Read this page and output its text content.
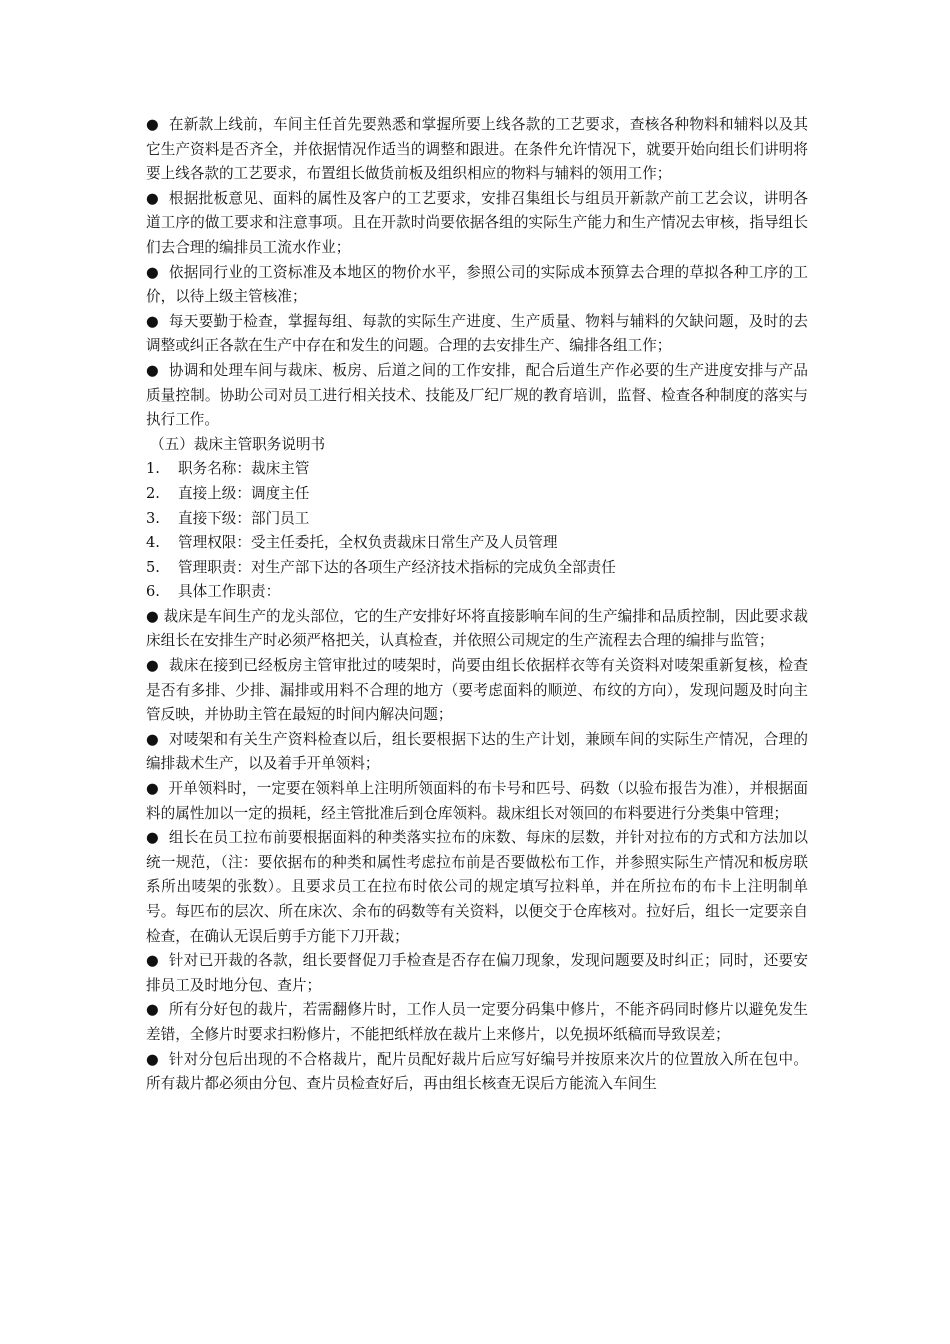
● 在新款上线前，车间主任首先要熟悉和掌握所要上线各款的工艺要求，查核各种物料和辅料以及其它生产资料是否齐全，并依据情况作适当的调整和跟进。在条件允许情况下，就要开始向组长们讲明将要上线各款的工艺要求，布置组长做货前板及组织相应的物料与辅料的领用工作；

● 根据批板意见、面料的属性及客户的工艺要求，安排召集组长与组员开新款产前工艺会议，讲明各道工序的做工要求和注意事项。且在开款时尚要依据各组的实际生产能力和生产情况去审核，指导组长们去合理的编排员工流水作业；

● 依据同行业的工资标准及本地区的物价水平，参照公司的实际成本预算去合理的草拟各种工序的工价，以待上级主管核准；

● 每天要勤于检查，掌握每组、每款的实际生产进度、生产质量、物料与辅料的欠缺问题，及时的去调整或纠正各款在生产中存在和发生的问题。合理的去安排生产、编排各组工作；

● 协调和处理车间与裁床、板房、后道之间的工作安排，配合后道生产作必要的生产进度安排与产品质量控制。协助公司对员工进行相关技术、技能及厂纪厂规的教育培训，监督、检查各种制度的落实与执行工作。

（五）裁床主管职务说明书

1.	职务名称：裁床主管
2.	直接上级：调度主任
3.	直接下级：部门员工
4.	管理权限：受主任委托，全权负责裁床日常生产及人员管理
5.	管理职责：对生产部下达的各项生产经济技术指标的完成负全部责任
6.	具体工作职责：

● 裁床是车间生产的龙头部位，它的生产安排好坏将直接影响车间的生产编排和品质控制，因此要求裁床组长在安排生产时必须严格把关，认真检查，并依照公司规定的生产流程去合理的编排与监管；

● 裁床在接到已经板房主管审批过的唛架时，尚要由组长依据样衣等有关资料对唛架重新复核，检查是否有多排、少排、漏排或用料不合理的地方（要考虑面料的顺逆、布纹的方向），发现问题及时向主管反映，并协助主管在最短的时间内解决问题；

● 对唛架和有关生产资料检查以后，组长要根据下达的生产计划，兼顾车间的实际生产情况，合理的编排裁术生产，以及着手开单领料；

● 开单领料时，一定要在领料单上注明所领面料的布卡号和匹号、码数（以验布报告为准），并根据面料的属性加以一定的损耗，经主管批准后到仓库领料。裁床组长对领回的布料要进行分类集中管理；

● 组长在员工拉布前要根据面料的种类落实拉布的床数、每床的层数，并针对拉布的方式和方法加以统一规范，（注：要依据布的种类和属性考虑拉布前是否要做松布工作，并参照实际生产情况和板房联系所出唛架的张数）。且要求员工在拉布时依公司的规定填写拉料单，并在所拉布的布卡上注明制单号。每匹布的层次、所在床次、余布的码数等有关资料，以便交于仓库核对。拉好后，组长一定要亲自检查，在确认无误后剪手方能下刀开裁；

● 针对已开裁的各款，组长要督促刀手检查是否存在偏刀现象，发现问题要及时纠正；同时，还要安排员工及时地分包、查片；

● 所有分好包的裁片，若需翻修片时，工作人员一定要分码集中修片，不能齐码同时修片以避免发生差错，全修片时要求扫粉修片，不能把纸样放在裁片上来修片，以免损坏纸稿而导致误差；

● 针对分包后出现的不合格裁片，配片员配好裁片后应写好编号并按原来次片的位置放入所在包中。所有裁片都必须由分包、查片员检查好后，再由组长核查无误后方能流入车间生
